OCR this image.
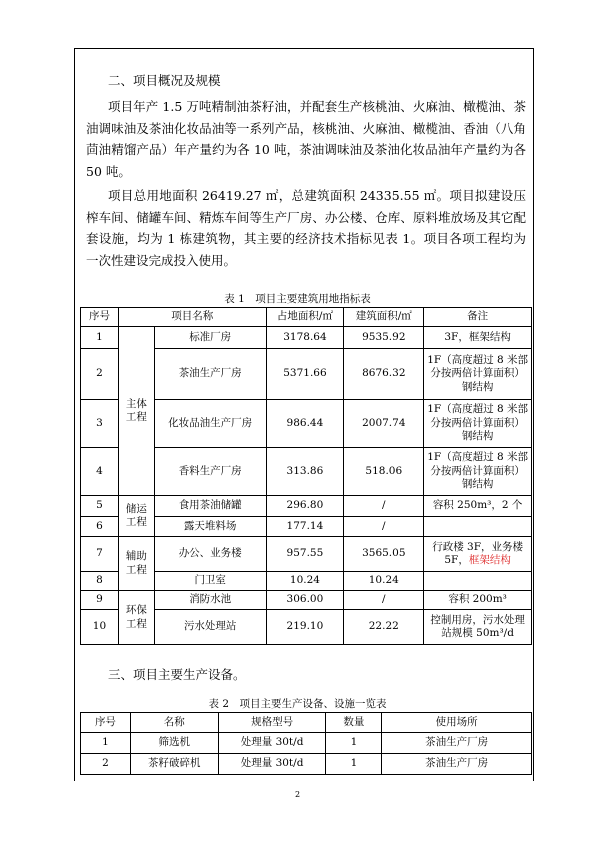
二、项目概况及规模
项目年产 1.5 万吨精制油茶籽油，并配套生产核桃油、火麻油、橄榄油、茶油调味油及茶油化妆品油等一系列产品，核桃油、火麻油、橄榄油、香油（八角茴油精馏产品）年产量约为各 10 吨，茶油调味油及茶油化妆品油年产量约为各 50 吨。
项目总用地面积 26419.27 ㎡，总建筑面积 24335.55 ㎡。项目拟建设压榨车间、储罐车间、精炼车间等生产厂房、办公楼、仓库、原料堆放场及其它配套设施，均为 1 栋建筑物，其主要的经济技术指标见表 1。项目各项工程均为一次性建设完成投入使用。
表 1　项目主要建筑用地指标表
序号	项目名称		占地面积/㎡	建筑面积/㎡	备注
1	主体工程	标准厂房	3178.64	9535.92	3F，框架结构
2		茶油生产厂房	5371.66	8676.32	1F（高度超过 8 米部分按两倍计算面积）钢结构
3		化妆品油生产厂房	986.44	2007.74	1F（高度超过 8 米部分按两倍计算面积）钢结构
4		香料生产厂房	313.86	518.06	1F（高度超过 8 米部分按两倍计算面积）钢结构
5	储运工程	食用茶油储罐	296.80	/	容积 250m³，2 个
6		露天堆料场	177.14	/	
7	辅助工程	办公、业务楼	957.55	3565.05	行政楼 3F，业务楼 5F，框架结构
8		门卫室	10.24	10.24	
9	环保工程	消防水池	306.00	/	容积 200m³
10		污水处理站	219.10	22.22	控制用房，污水处理站规模 50m³/d
三、项目主要生产设备。
表 2　项目主要生产设备、设施一览表
序号	名称	规格型号	数量	使用场所
1	筛选机	处理量 30t/d	1	茶油生产厂房
2	茶籽破碎机	处理量 30t/d	1	茶油生产厂房
2
